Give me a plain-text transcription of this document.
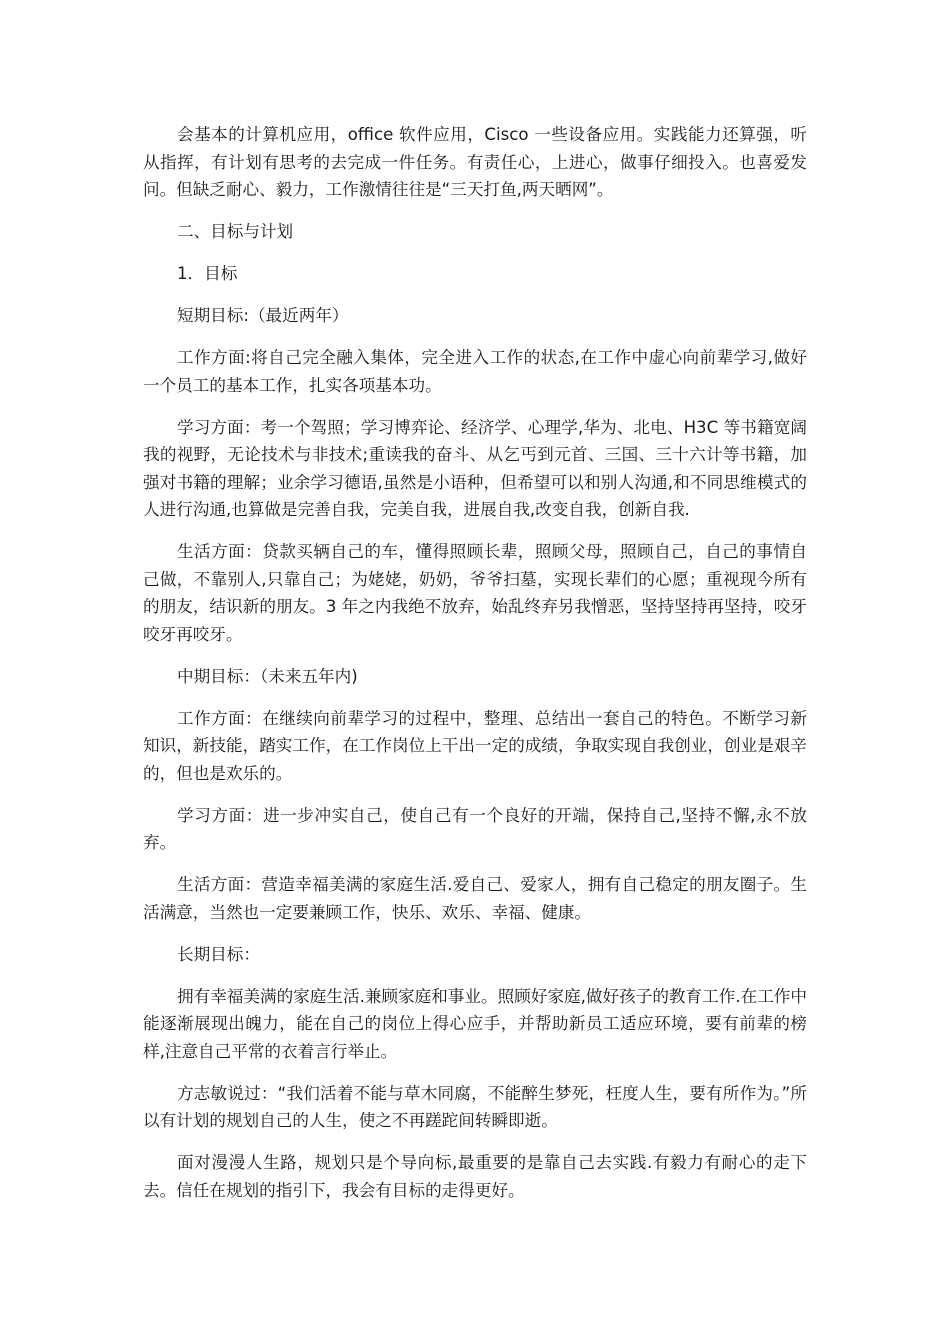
会基本的计算机应用，office 软件应用，Cisco 一些设备应用。实践能力还算强，听从指挥，有计划有思考的去完成一件任务。有责任心，上进心，做事仔细投入。也喜爱发问。但缺乏耐心、毅力，工作激情往往是“三天打鱼,两天晒网”。

二、目标与计划

1．目标

短期目标:（最近两年）

工作方面:将自己完全融入集体，完全进入工作的状态,在工作中虚心向前辈学习,做好一个员工的基本工作，扎实各项基本功。

学习方面：考一个驾照；学习博弈论、经济学、心理学,华为、北电、H3C 等书籍宽阔我的视野，无论技术与非技术;重读我的奋斗、从乞丐到元首、三国、三十六计等书籍，加强对书籍的理解；业余学习德语,虽然是小语种，但希望可以和别人沟通,和不同思维模式的人进行沟通,也算做是完善自我，完美自我，进展自我,改变自我，创新自我.

生活方面：贷款买辆自己的车，懂得照顾长辈，照顾父母，照顾自己，自己的事情自己做，不靠别人,只靠自己；为姥姥，奶奶，爷爷扫墓，实现长辈们的心愿；重视现今所有的朋友，结识新的朋友。3 年之内我绝不放弃，始乱终弃另我憎恶，坚持坚持再坚持，咬牙咬牙再咬牙。

中期目标：（未来五年内)

工作方面：在继续向前辈学习的过程中，整理、总结出一套自己的特色。不断学习新知识，新技能，踏实工作，在工作岗位上干出一定的成绩，争取实现自我创业，创业是艰辛的，但也是欢乐的。

学习方面：进一步冲实自己，使自己有一个良好的开端，保持自己,坚持不懈,永不放弃。

生活方面：营造幸福美满的家庭生活.爱自己、爱家人，拥有自己稳定的朋友圈子。生活满意，当然也一定要兼顾工作，快乐、欢乐、幸福、健康。

长期目标：

拥有幸福美满的家庭生活.兼顾家庭和事业。照顾好家庭,做好孩子的教育工作.在工作中能逐渐展现出魄力，能在自己的岗位上得心应手，并帮助新员工适应环境，要有前辈的榜样,注意自己平常的衣着言行举止。

方志敏说过：“我们活着不能与草木同腐，不能醉生梦死，枉度人生，要有所作为。”所以有计划的规划自己的人生，使之不再蹉跎间转瞬即逝。

面对漫漫人生路，规划只是个导向标,最重要的是靠自己去实践.有毅力有耐心的走下去。信任在规划的指引下，我会有目标的走得更好。
